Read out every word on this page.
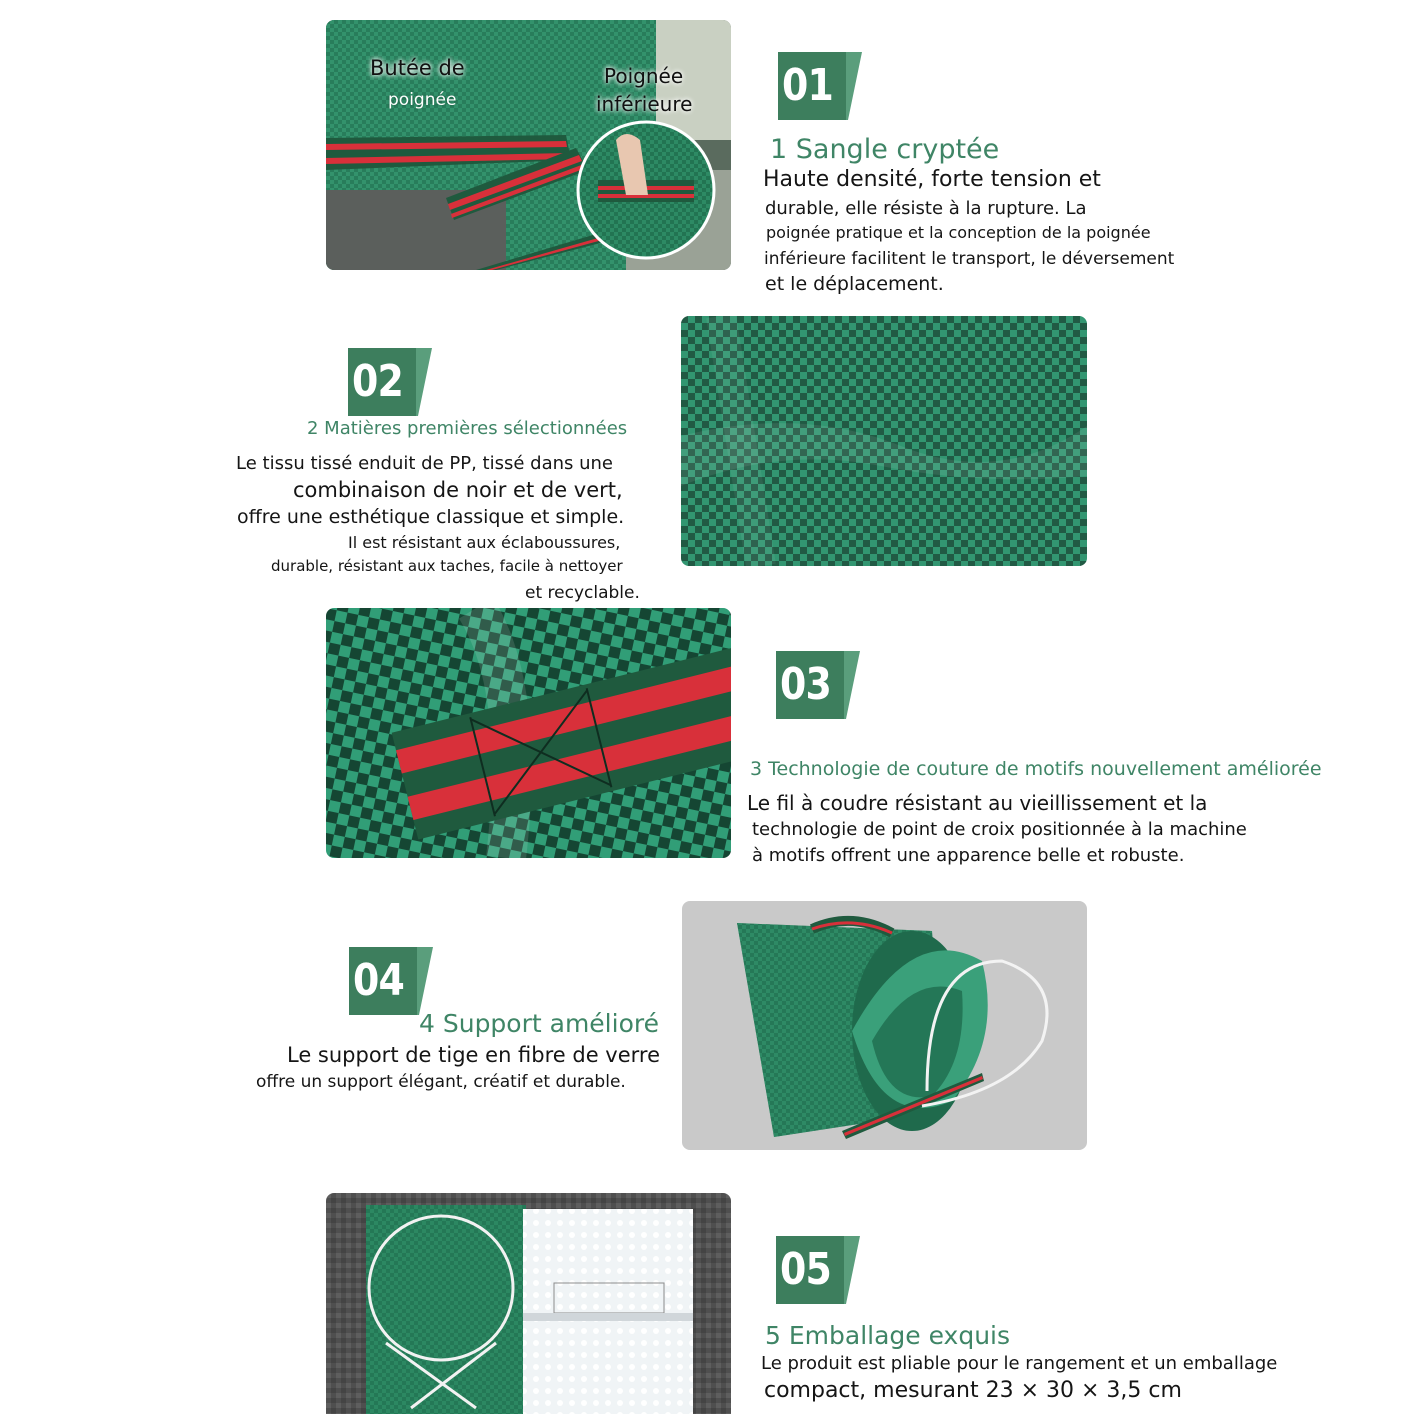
Butée de
poignée
Poignée
inférieure 01
1 Sangle cryptée
Haute densité, forte tension et
durable, elle résiste à la rupture. La
poignée pratique et la conception de la poignée
inférieure facilitent le transport, le déversement
et le déplacement.
02
2 Matières premières sélectionnées
Le tissu tissé enduit de PP, tissé dans une
combinaison de noir et de vert,
offre une esthétique classique et simple.
Il est résistant aux éclaboussures,
durable, résistant aux taches, facile à nettoyer
et recyclable.
03
3 Technologie de couture de motifs nouvellement améliorée
Le fil à coudre résistant au vieillissement et la
technologie de point de croix positionnée à la machine
à motifs offrent une apparence belle et robuste.
04
4 Support amélioré
Le support de tige en fibre de verre
offre un support élégant, créatif et durable.
05
5 Emballage exquis
Le produit est pliable pour le rangement et un emballage
compact, mesurant 23 × 30 × 3,5 cm
